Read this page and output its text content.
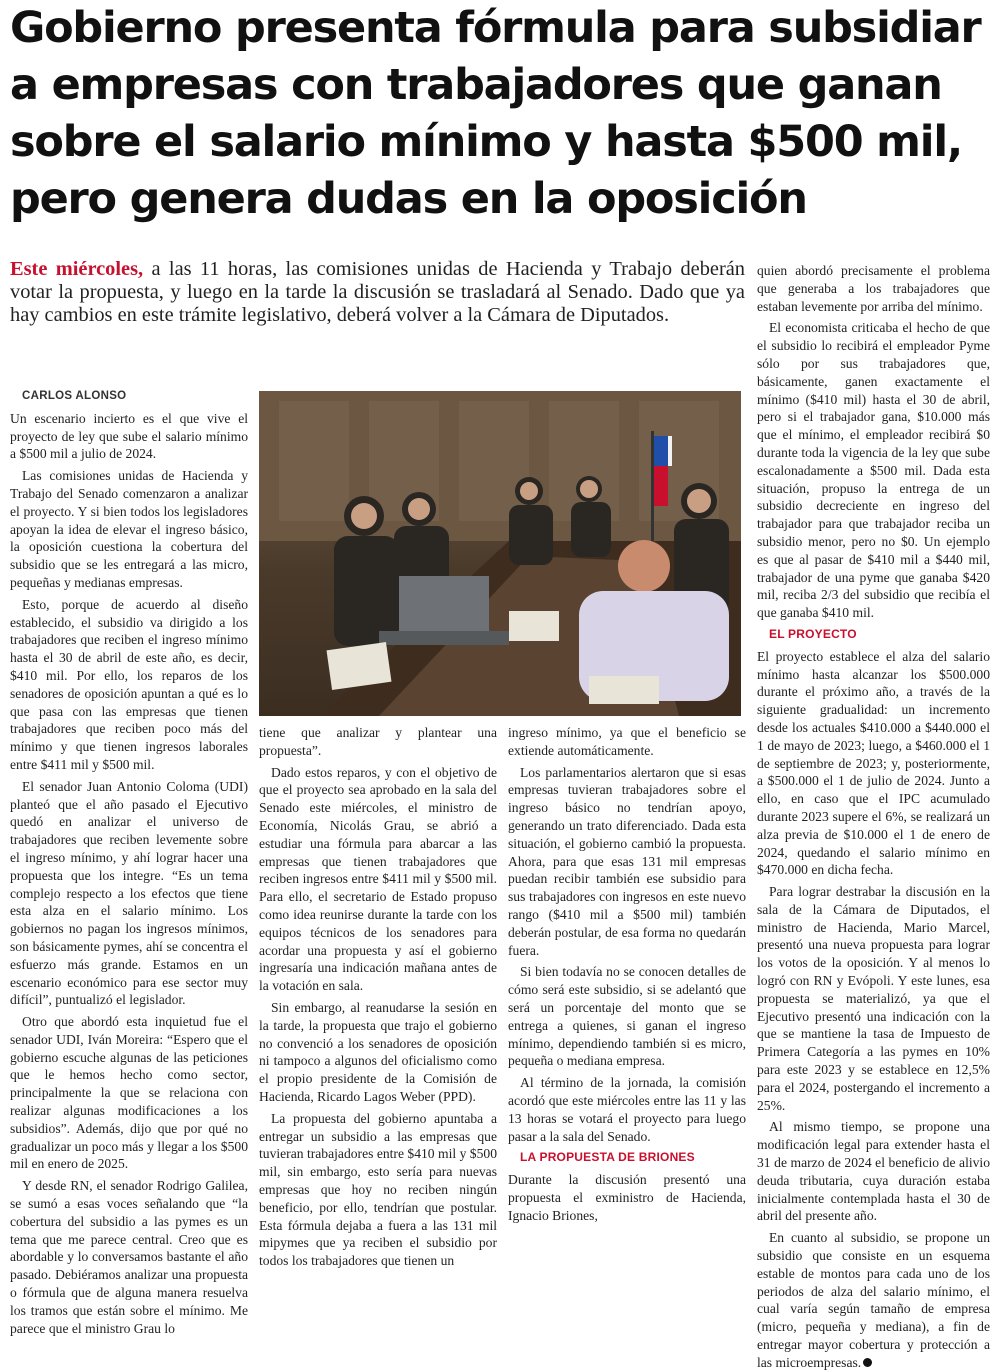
Gobierno presenta fórmula para subsidiar
a empresas con trabajadores que ganan
sobre el salario mínimo y hasta $500 mil,
pero genera dudas en la oposición

Este miércoles, a las 11 horas, las comisiones unidas de Hacienda y Trabajo deberán votar la propuesta, y luego en la tarde la discusión se trasladará al Senado. Dado que ya hay cambios en este trámite legislativo, deberá volver a la Cámara de Diputados.

CARLOS ALONSO

Un escenario incierto es el que vive el proyecto de ley que sube el salario mínimo a $500 mil a julio de 2024.

Las comisiones unidas de Hacienda y Trabajo del Senado comenzaron a analizar el proyecto. Y si bien todos los legisladores apoyan la idea de elevar el ingreso básico, la oposición cuestiona la cobertura del subsidio que se les entregará a las micro, pequeñas y medianas empresas.

Esto, porque de acuerdo al diseño establecido, el subsidio va dirigido a los trabajadores que reciben el ingreso mínimo hasta el 30 de abril de este año, es decir, $410 mil. Por ello, los reparos de los senadores de oposición apuntan a qué es lo que pasa con las empresas que tienen trabajadores que reciben poco más del mínimo y que tienen ingresos laborales entre $411 mil y $500 mil.

El senador Juan Antonio Coloma (UDI) planteó que el año pasado el Ejecutivo quedó en analizar el universo de trabajadores que reciben levemente sobre el ingreso mínimo, y ahí lograr hacer una propuesta que los integre. “Es un tema complejo respecto a los efectos que tiene esta alza en el salario mínimo. Los gobiernos no pagan los ingresos mínimos, son básicamente pymes, ahí se concentra el esfuerzo más grande. Estamos en un escenario económico para ese sector muy difícil”, puntualizó el legislador.

Otro que abordó esta inquietud fue el senador UDI, Iván Moreira: “Espero que el gobierno escuche algunas de las peticiones que le hemos hecho como sector, principalmente la que se relaciona con realizar algunas modificaciones a los subsidios”. Además, dijo que por qué no gradualizar un poco más y llegar a los $500 mil en enero de 2025.

Y desde RN, el senador Rodrigo Galilea, se sumó a esas voces señalando que “la cobertura del subsidio a las pymes es un tema que me parece central. Creo que es abordable y lo conversamos bastante el año pasado. Debiéramos analizar una propuesta o fórmula que de alguna manera resuelva los tramos que están sobre el mínimo. Me parece que el ministro Grau lo

tiene que analizar y plantear una propuesta”.

Dado estos reparos, y con el objetivo de que el proyecto sea aprobado en la sala del Senado este miércoles, el ministro de Economía, Nicolás Grau, se abrió a estudiar una fórmula para abarcar a las empresas que tienen trabajadores que reciben ingresos entre $411 mil y $500 mil. Para ello, el secretario de Estado propuso como idea reunirse durante la tarde con los equipos técnicos de los senadores para acordar una propuesta y así el gobierno ingresaría una indicación mañana antes de la votación en sala.

Sin embargo, al reanudarse la sesión en la tarde, la propuesta que trajo el gobierno no convenció a los senadores de oposición ni tampoco a algunos del oficialismo como el propio presidente de la Comisión de Hacienda, Ricardo Lagos Weber (PPD).

La propuesta del gobierno apuntaba a entregar un subsidio a las empresas que tuvieran trabajadores entre $410 mil y $500 mil, sin embargo, esto sería para nuevas empresas que hoy no reciben ningún beneficio, por ello, tendrían que postular. Esta fórmula dejaba a fuera a las 131 mil mipymes que ya reciben el subsidio por todos los trabajadores que tienen un

ingreso mínimo, ya que el beneficio se extiende automáticamente.

Los parlamentarios alertaron que si esas empresas tuvieran trabajadores sobre el ingreso básico no tendrían apoyo, generando un trato diferenciado. Dada esta situación, el gobierno cambió la propuesta. Ahora, para que esas 131 mil empresas puedan recibir también ese subsidio para sus trabajadores con ingresos en este nuevo rango ($410 mil a $500 mil) también deberán postular, de esa forma no quedarán fuera.

Si bien todavía no se conocen detalles de cómo será este subsidio, si se adelantó que será un porcentaje del monto que se entrega a quienes, si ganan el ingreso mínimo, dependiendo también si es micro, pequeña o mediana empresa.

Al término de la jornada, la comisión acordó que este miércoles entre las 11 y las 13 horas se votará el proyecto para luego pasar a la sala del Senado.

LA PROPUESTA DE BRIONES

Durante la discusión presentó una propuesta el exministro de Hacienda, Ignacio Briones,

quien abordó precisamente el problema que generaba a los trabajadores que estaban levemente por arriba del mínimo.

El economista criticaba el hecho de que el subsidio lo recibirá el empleador Pyme sólo por sus trabajadores que, básicamente, ganen exactamente el mínimo ($410 mil) hasta el 30 de abril, pero si el trabajador gana, $10.000 más que el mínimo, el empleador recibirá $0 durante toda la vigencia de la ley que sube escalonadamente a $500 mil. Dada esta situación, propuso la entrega de un subsidio decreciente en ingreso del trabajador para que trabajador reciba un subsidio menor, pero no $0. Un ejemplo es que al pasar de $410 mil a $440 mil, trabajador de una pyme que ganaba $420 mil, reciba 2/3 del subsidio que recibía el que ganaba $410 mil.

EL PROYECTO

El proyecto establece el alza del salario mínimo hasta alcanzar los $500.000 durante el próximo año, a través de la siguiente gradualidad: un incremento desde los actuales $410.000 a $440.000 el 1 de mayo de 2023; luego, a $460.000 el 1 de septiembre de 2023; y, posteriormente, a $500.000 el 1 de julio de 2024. Junto a ello, en caso que el IPC acumulado durante 2023 supere el 6%, se realizará un alza previa de $10.000 el 1 de enero de 2024, quedando el salario mínimo en $470.000 en dicha fecha.

Para lograr destrabar la discusión en la sala de la Cámara de Diputados, el ministro de Hacienda, Mario Marcel, presentó una nueva propuesta para lograr los votos de la oposición. Y al menos lo logró con RN y Evópoli. Y este lunes, esa propuesta se materializó, ya que el Ejecutivo presentó una indicación con la que se mantiene la tasa de Impuesto de Primera Categoría a las pymes en 10% para este 2023 y se establece en 12,5% para el 2024, postergando el incremento a 25%.

Al mismo tiempo, se propone una modificación legal para extender hasta el 31 de marzo de 2024 el beneficio de alivio deuda tributaria, cuya duración estaba inicialmente contemplada hasta el 30 de abril del presente año.

En cuanto al subsidio, se propone un subsidio que consiste en un esquema estable de montos para cada uno de los periodos de alza del salario mínimo, el cual varía según tamaño de empresa (micro, pequeña y mediana), a fin de entregar mayor cobertura y protección a las microempresas.
